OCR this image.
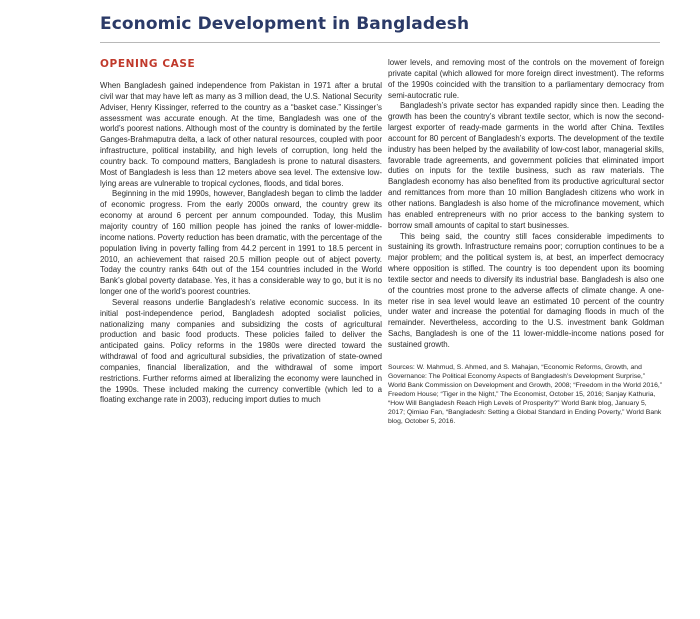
Economic Development in Bangladesh
OPENING CASE

When Bangladesh gained independence from Pakistan in 1971 after a brutal civil war that may have left as many as 3 million dead, the U.S. National Security Adviser, Henry Kissinger, referred to the country as a “basket case.” Kissinger’s assessment was accurate enough. At the time, Bangladesh was one of the world’s poorest nations. Although most of the country is dominated by the fertile Ganges-Brahmaputra delta, a lack of other natural resources, coupled with poor infrastructure, political instability, and high levels of corruption, long held the country back. To compound matters, Bangladesh is prone to natural disasters. Most of Bangladesh is less than 12 meters above sea level. The extensive low-lying areas are vulnerable to tropical cyclones, floods, and tidal bores.

Beginning in the mid 1990s, however, Bangladesh began to climb the ladder of economic progress. From the early 2000s onward, the country grew its economy at around 6 percent per annum compounded. Today, this Muslim majority country of 160 million people has joined the ranks of lower-middle-income nations. Poverty reduction has been dramatic, with the percentage of the population living in poverty falling from 44.2 percent in 1991 to 18.5 percent in 2010, an achievement that raised 20.5 million people out of abject poverty. Today the country ranks 64th out of the 154 countries included in the World Bank’s global poverty database. Yes, it has a considerable way to go, but it is no longer one of the world’s poorest countries.

Several reasons underlie Bangladesh’s relative economic success. In its initial post-independence period, Bangladesh adopted socialist policies, nationalizing many companies and subsidizing the costs of agricultural production and basic food products. These policies failed to deliver the anticipated gains. Policy reforms in the 1980s were directed toward the withdrawal of food and agricultural subsidies, the privatization of state-owned companies, financial liberalization, and the withdrawal of some import restrictions. Further reforms aimed at liberalizing the economy were launched in the 1990s. These included making the currency convertible (which led to a floating exchange rate in 2003), reducing import duties to much

lower levels, and removing most of the controls on the movement of foreign private capital (which allowed for more foreign direct investment). The reforms of the 1990s coincided with the transition to a parliamentary democracy from semi-autocratic rule.

Bangladesh’s private sector has expanded rapidly since then. Leading the growth has been the country’s vibrant textile sector, which is now the second-largest exporter of ready-made garments in the world after China. Textiles account for 80 percent of Bangladesh’s exports. The development of the textile industry has been helped by the availability of low-cost labor, managerial skills, favorable trade agreements, and government policies that eliminated import duties on inputs for the textile business, such as raw materials. The Bangladesh economy has also benefited from its productive agricultural sector and remittances from more than 10 million Bangladesh citizens who work in other nations. Bangladesh is also home of the microfinance movement, which has enabled entrepreneurs with no prior access to the banking system to borrow small amounts of capital to start businesses.

This being said, the country still faces considerable impediments to sustaining its growth. Infrastructure remains poor; corruption continues to be a major problem; and the political system is, at best, an imperfect democracy where opposition is stifled. The country is too dependent upon its booming textile sector and needs to diversify its industrial base. Bangladesh is also one of the countries most prone to the adverse affects of climate change. A one-meter rise in sea level would leave an estimated 10 percent of the country under water and increase the potential for damaging floods in much of the remainder. Nevertheless, according to the U.S. investment bank Goldman Sachs, Bangladesh is one of the 11 lower-middle-income nations posed for sustained growth.

Sources: W. Mahmud, S. Ahmed, and S. Mahajan, “Economic Reforms, Growth, and Governance: The Political Economy Aspects of Bangladesh’s Development Surprise,” World Bank Commission on Development and Growth, 2008; “Freedom in the World 2016,” Freedom House; “Tiger in the Night,” The Economist, October 15, 2016; Sanjay Kathuria, “How Will Bangladesh Reach High Levels of Prosperity?” World Bank blog, January 5, 2017; Qimiao Fan, “Bangladesh: Setting a Global Standard in Ending Poverty,” World Bank blog, October 5, 2016.
